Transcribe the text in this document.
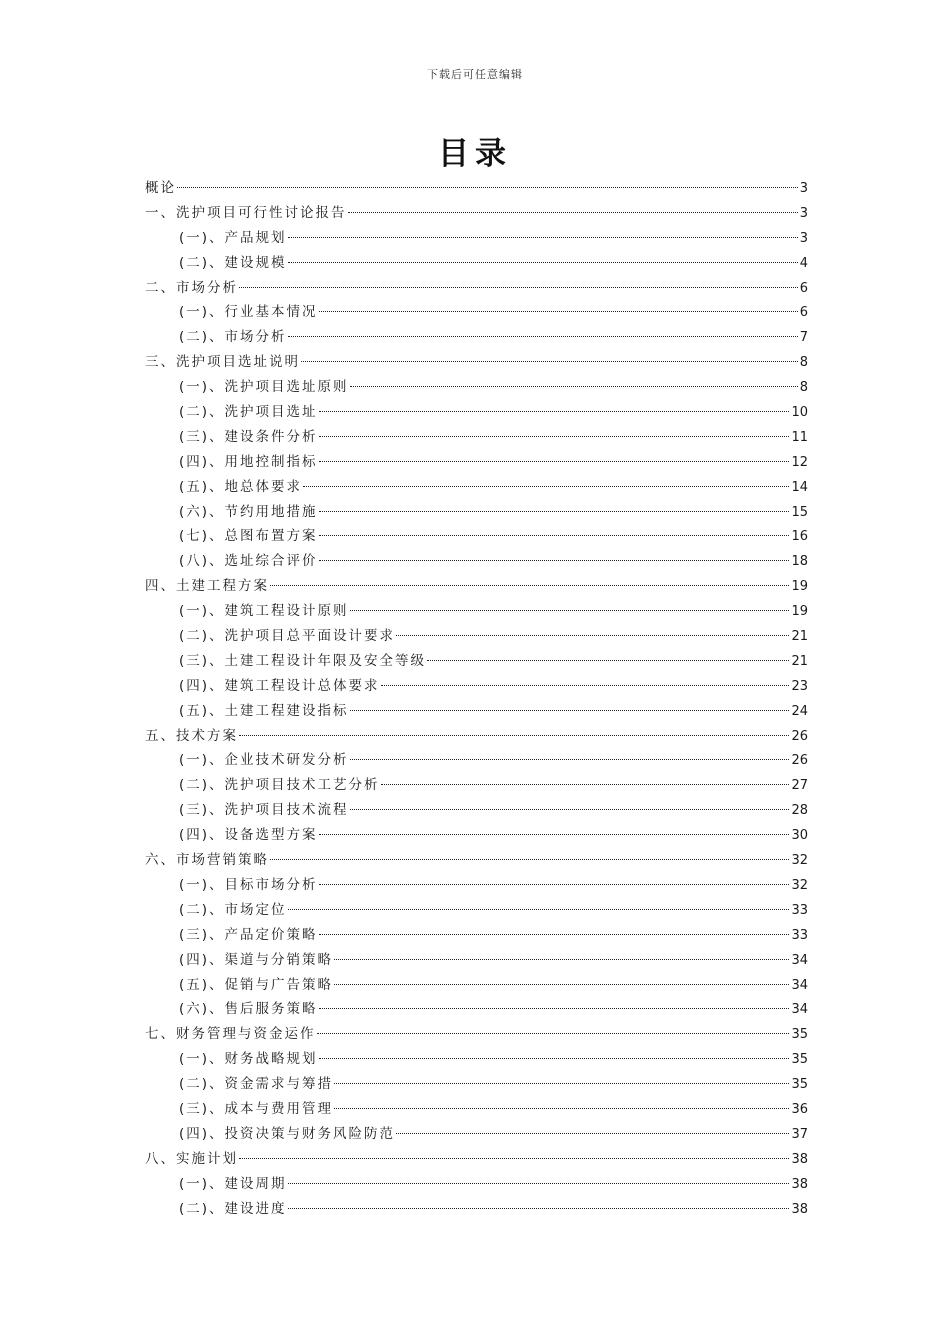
下载后可任意编辑
目录
概论	3
一、洗护项目可行性讨论报告	3
(一)、产品规划	3
(二)、建设规模	4
二、市场分析	6
(一)、行业基本情况	6
(二)、市场分析	7
三、洗护项目选址说明	8
(一)、洗护项目选址原则	8
(二)、洗护项目选址	10
(三)、建设条件分析	11
(四)、用地控制指标	12
(五)、地总体要求	14
(六)、节约用地措施	15
(七)、总图布置方案	16
(八)、选址综合评价	18
四、土建工程方案	19
(一)、建筑工程设计原则	19
(二)、洗护项目总平面设计要求	21
(三)、土建工程设计年限及安全等级	21
(四)、建筑工程设计总体要求	23
(五)、土建工程建设指标	24
五、技术方案	26
(一)、企业技术研发分析	26
(二)、洗护项目技术工艺分析	27
(三)、洗护项目技术流程	28
(四)、设备选型方案	30
六、市场营销策略	32
(一)、目标市场分析	32
(二)、市场定位	33
(三)、产品定价策略	33
(四)、渠道与分销策略	34
(五)、促销与广告策略	34
(六)、售后服务策略	34
七、财务管理与资金运作	35
(一)、财务战略规划	35
(二)、资金需求与筹措	35
(三)、成本与费用管理	36
(四)、投资决策与财务风险防范	37
八、实施计划	38
(一)、建设周期	38
(二)、建设进度	38
